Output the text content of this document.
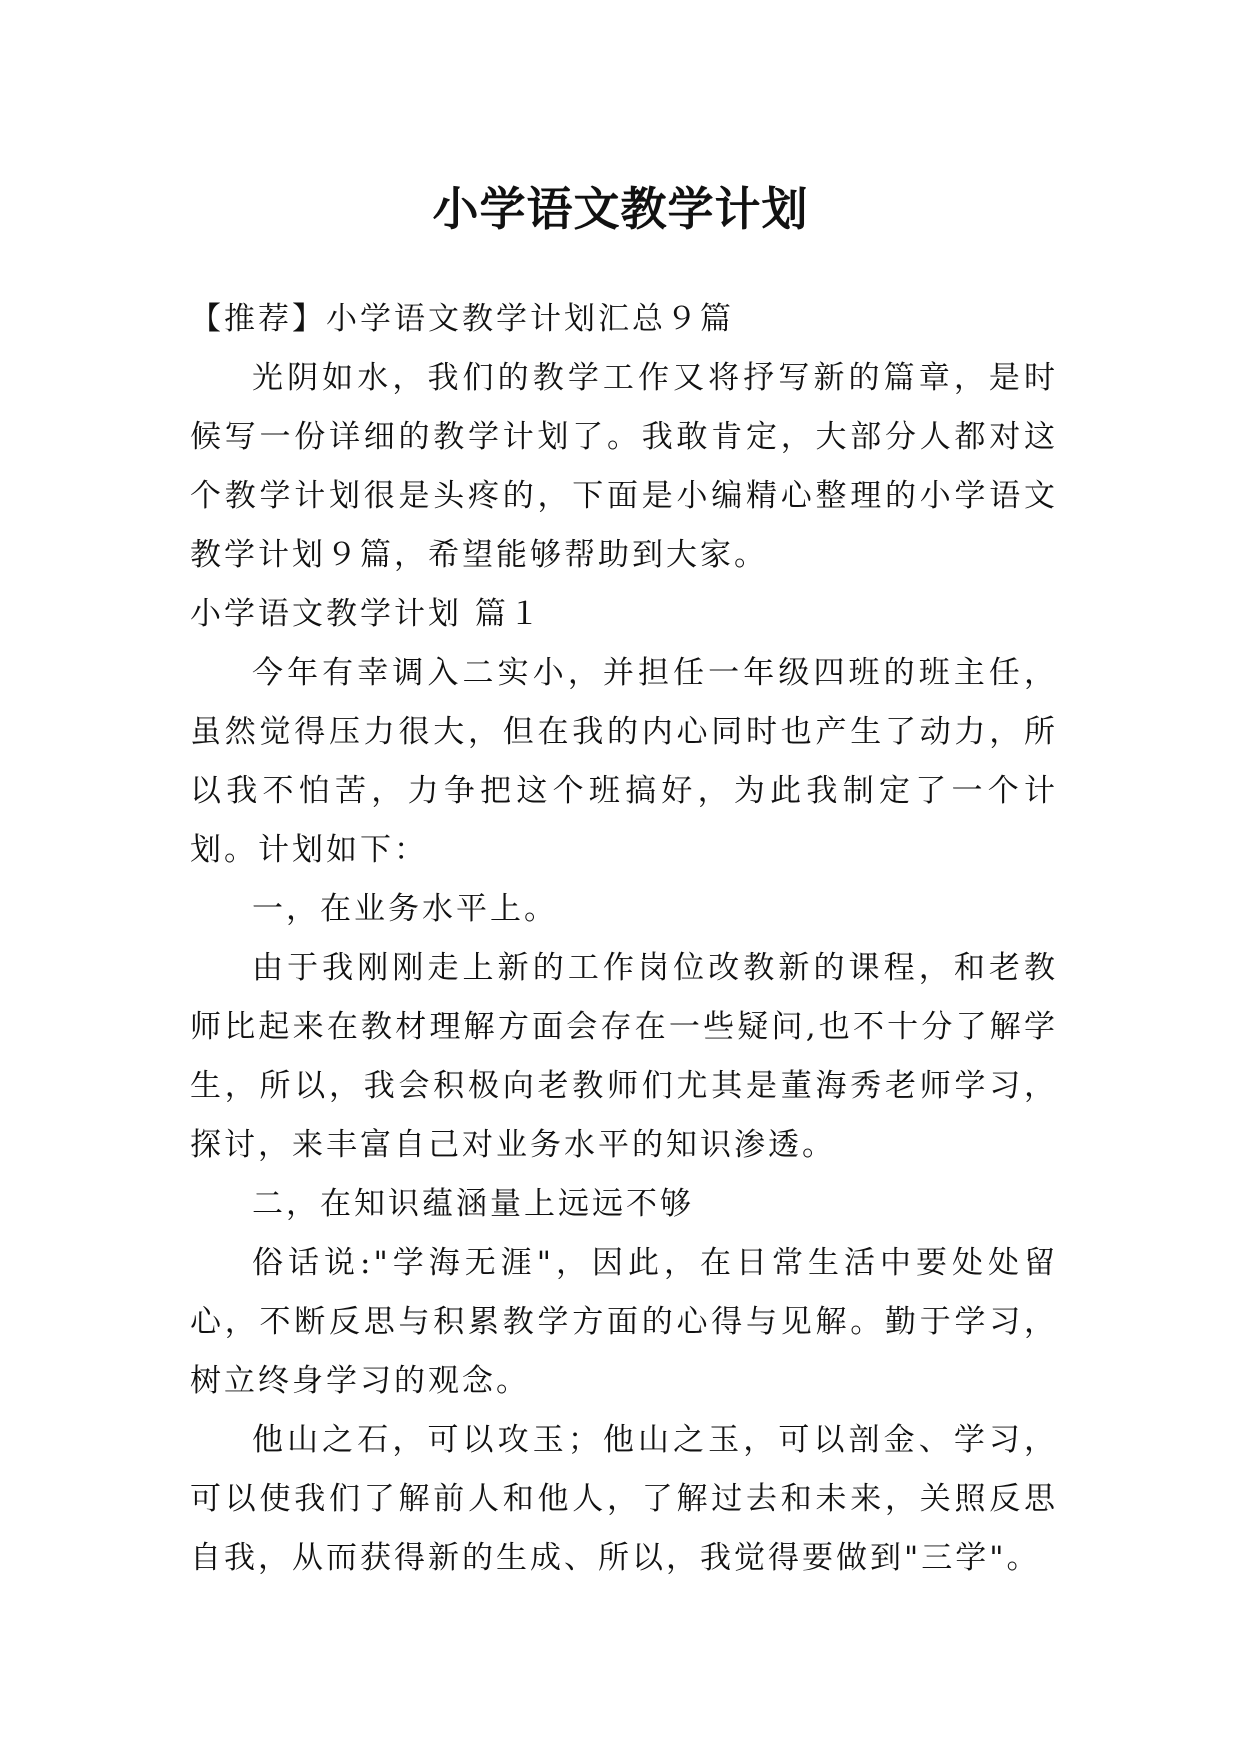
小学语文教学计划

【推荐】小学语文教学计划汇总９篇

光阴如水，我们的教学工作又将抒写新的篇章，是时候写一份详细的教学计划了。我敢肯定，大部分人都对这个教学计划很是头疼的，下面是小编精心整理的小学语文教学计划９篇，希望能够帮助到大家。

小学语文教学计划 篇１

今年有幸调入二实小，并担任一年级四班的班主任，虽然觉得压力很大，但在我的内心同时也产生了动力，所以我不怕苦，力争把这个班搞好，为此我制定了一个计划。计划如下：

一，在业务水平上。

由于我刚刚走上新的工作岗位改教新的课程，和老教师比起来在教材理解方面会存在一些疑问,也不十分了解学生，所以，我会积极向老教师们尤其是董海秀老师学习，探讨，来丰富自己对业务水平的知识渗透。

二，在知识蕴涵量上远远不够

俗话说:"学海无涯"，因此，在日常生活中要处处留心，不断反思与积累教学方面的心得与见解。勤于学习，树立终身学习的观念。

他山之石，可以攻玉；他山之玉，可以剖金、学习，可以使我们了解前人和他人，了解过去和未来，关照反思自我，从而获得新的生成、所以，我觉得要做到"三学"。
